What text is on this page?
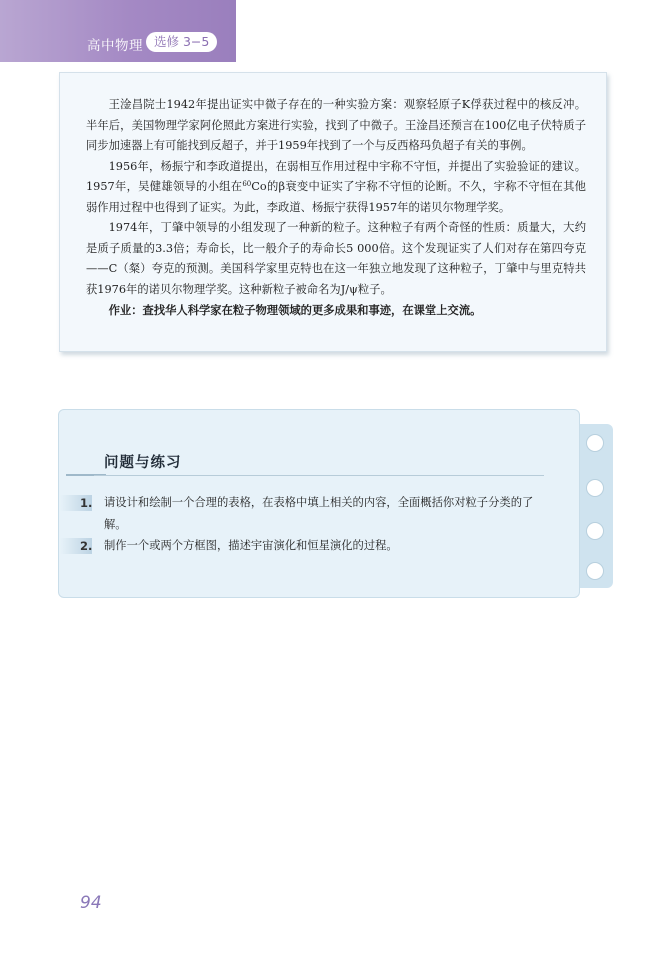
高中物理 选修 3−5

王淦昌院士1942年提出证实中微子存在的一种实验方案：观察轻原子K俘获过程中的核反冲。半年后，美国物理学家阿伦照此方案进行实验，找到了中微子。王淦昌还预言在100亿电子伏特质子同步加速器上有可能找到反超子，并于1959年找到了一个与反西格玛负超子有关的事例。

1956年，杨振宁和李政道提出，在弱相互作用过程中宇称不守恒，并提出了实验验证的建议。1957年，吴健雄领导的小组在$^{60}$Co的β衰变中证实了宇称不守恒的论断。不久，宇称不守恒在其他弱作用过程中也得到了证实。为此，李政道、杨振宁获得1957年的诺贝尔物理学奖。

1974年，丁肇中领导的小组发现了一种新的粒子。这种粒子有两个奇怪的性质：质量大，大约是质子质量的3.3倍；寿命长，比一般介子的寿命长5 000倍。这个发现证实了人们对存在第四夸克——C（粲）夸克的预测。美国科学家里克特也在这一年独立地发现了这种粒子，丁肇中与里克特共获1976年的诺贝尔物理学奖。这种新粒子被命名为J/ψ粒子。

作业：查找华人科学家在粒子物理领域的更多成果和事迹，在课堂上交流。

问题与练习
1. 请设计和绘制一个合理的表格，在表格中填上相关的内容，全面概括你对粒子分类的了解。
2. 制作一个或两个方框图，描述宇宙演化和恒星演化的过程。
94
